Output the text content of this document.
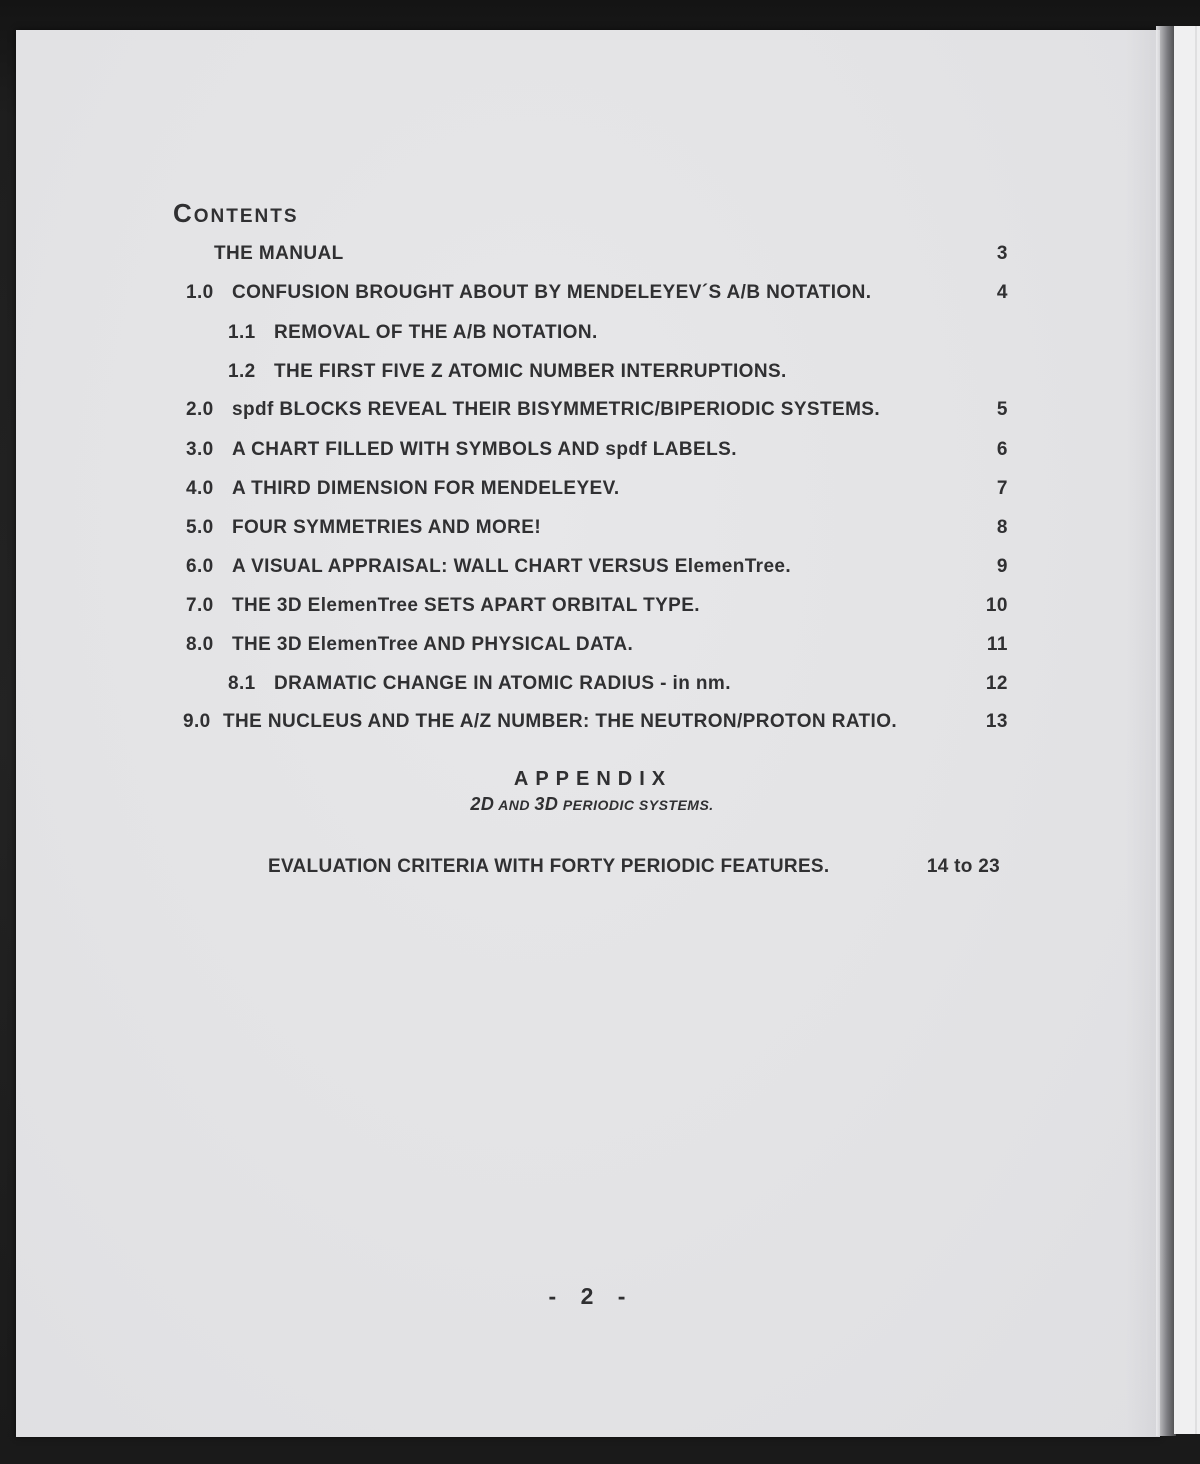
CONTENTS
THE MANUAL	3
1.0 CONFUSION BROUGHT ABOUT BY MENDELEYEV´S A/B NOTATION.	4
1.1 REMOVAL OF THE A/B NOTATION.
1.2 THE FIRST FIVE Z ATOMIC NUMBER INTERRUPTIONS.
2.0 spdf BLOCKS REVEAL THEIR BISYMMETRIC/BIPERIODIC SYSTEMS.	5
3.0 A CHART FILLED WITH SYMBOLS AND spdf LABELS.	6
4.0 A THIRD DIMENSION FOR MENDELEYEV.	7
5.0 FOUR SYMMETRIES AND MORE!	8
6.0 A VISUAL APPRAISAL: WALL CHART VERSUS ElemenTree.	9
7.0 THE 3D ElemenTree SETS APART ORBITAL TYPE.	10
8.0 THE 3D ElemenTree AND PHYSICAL DATA.	11
8.1 DRAMATIC CHANGE IN ATOMIC RADIUS - in nm.	12
9.0 THE NUCLEUS AND THE A/Z NUMBER: THE NEUTRON/PROTON RATIO.	13
APPENDIX
2D AND 3D PERIODIC SYSTEMS.
EVALUATION CRITERIA WITH FORTY PERIODIC FEATURES.	14 to 23
- 2 -
